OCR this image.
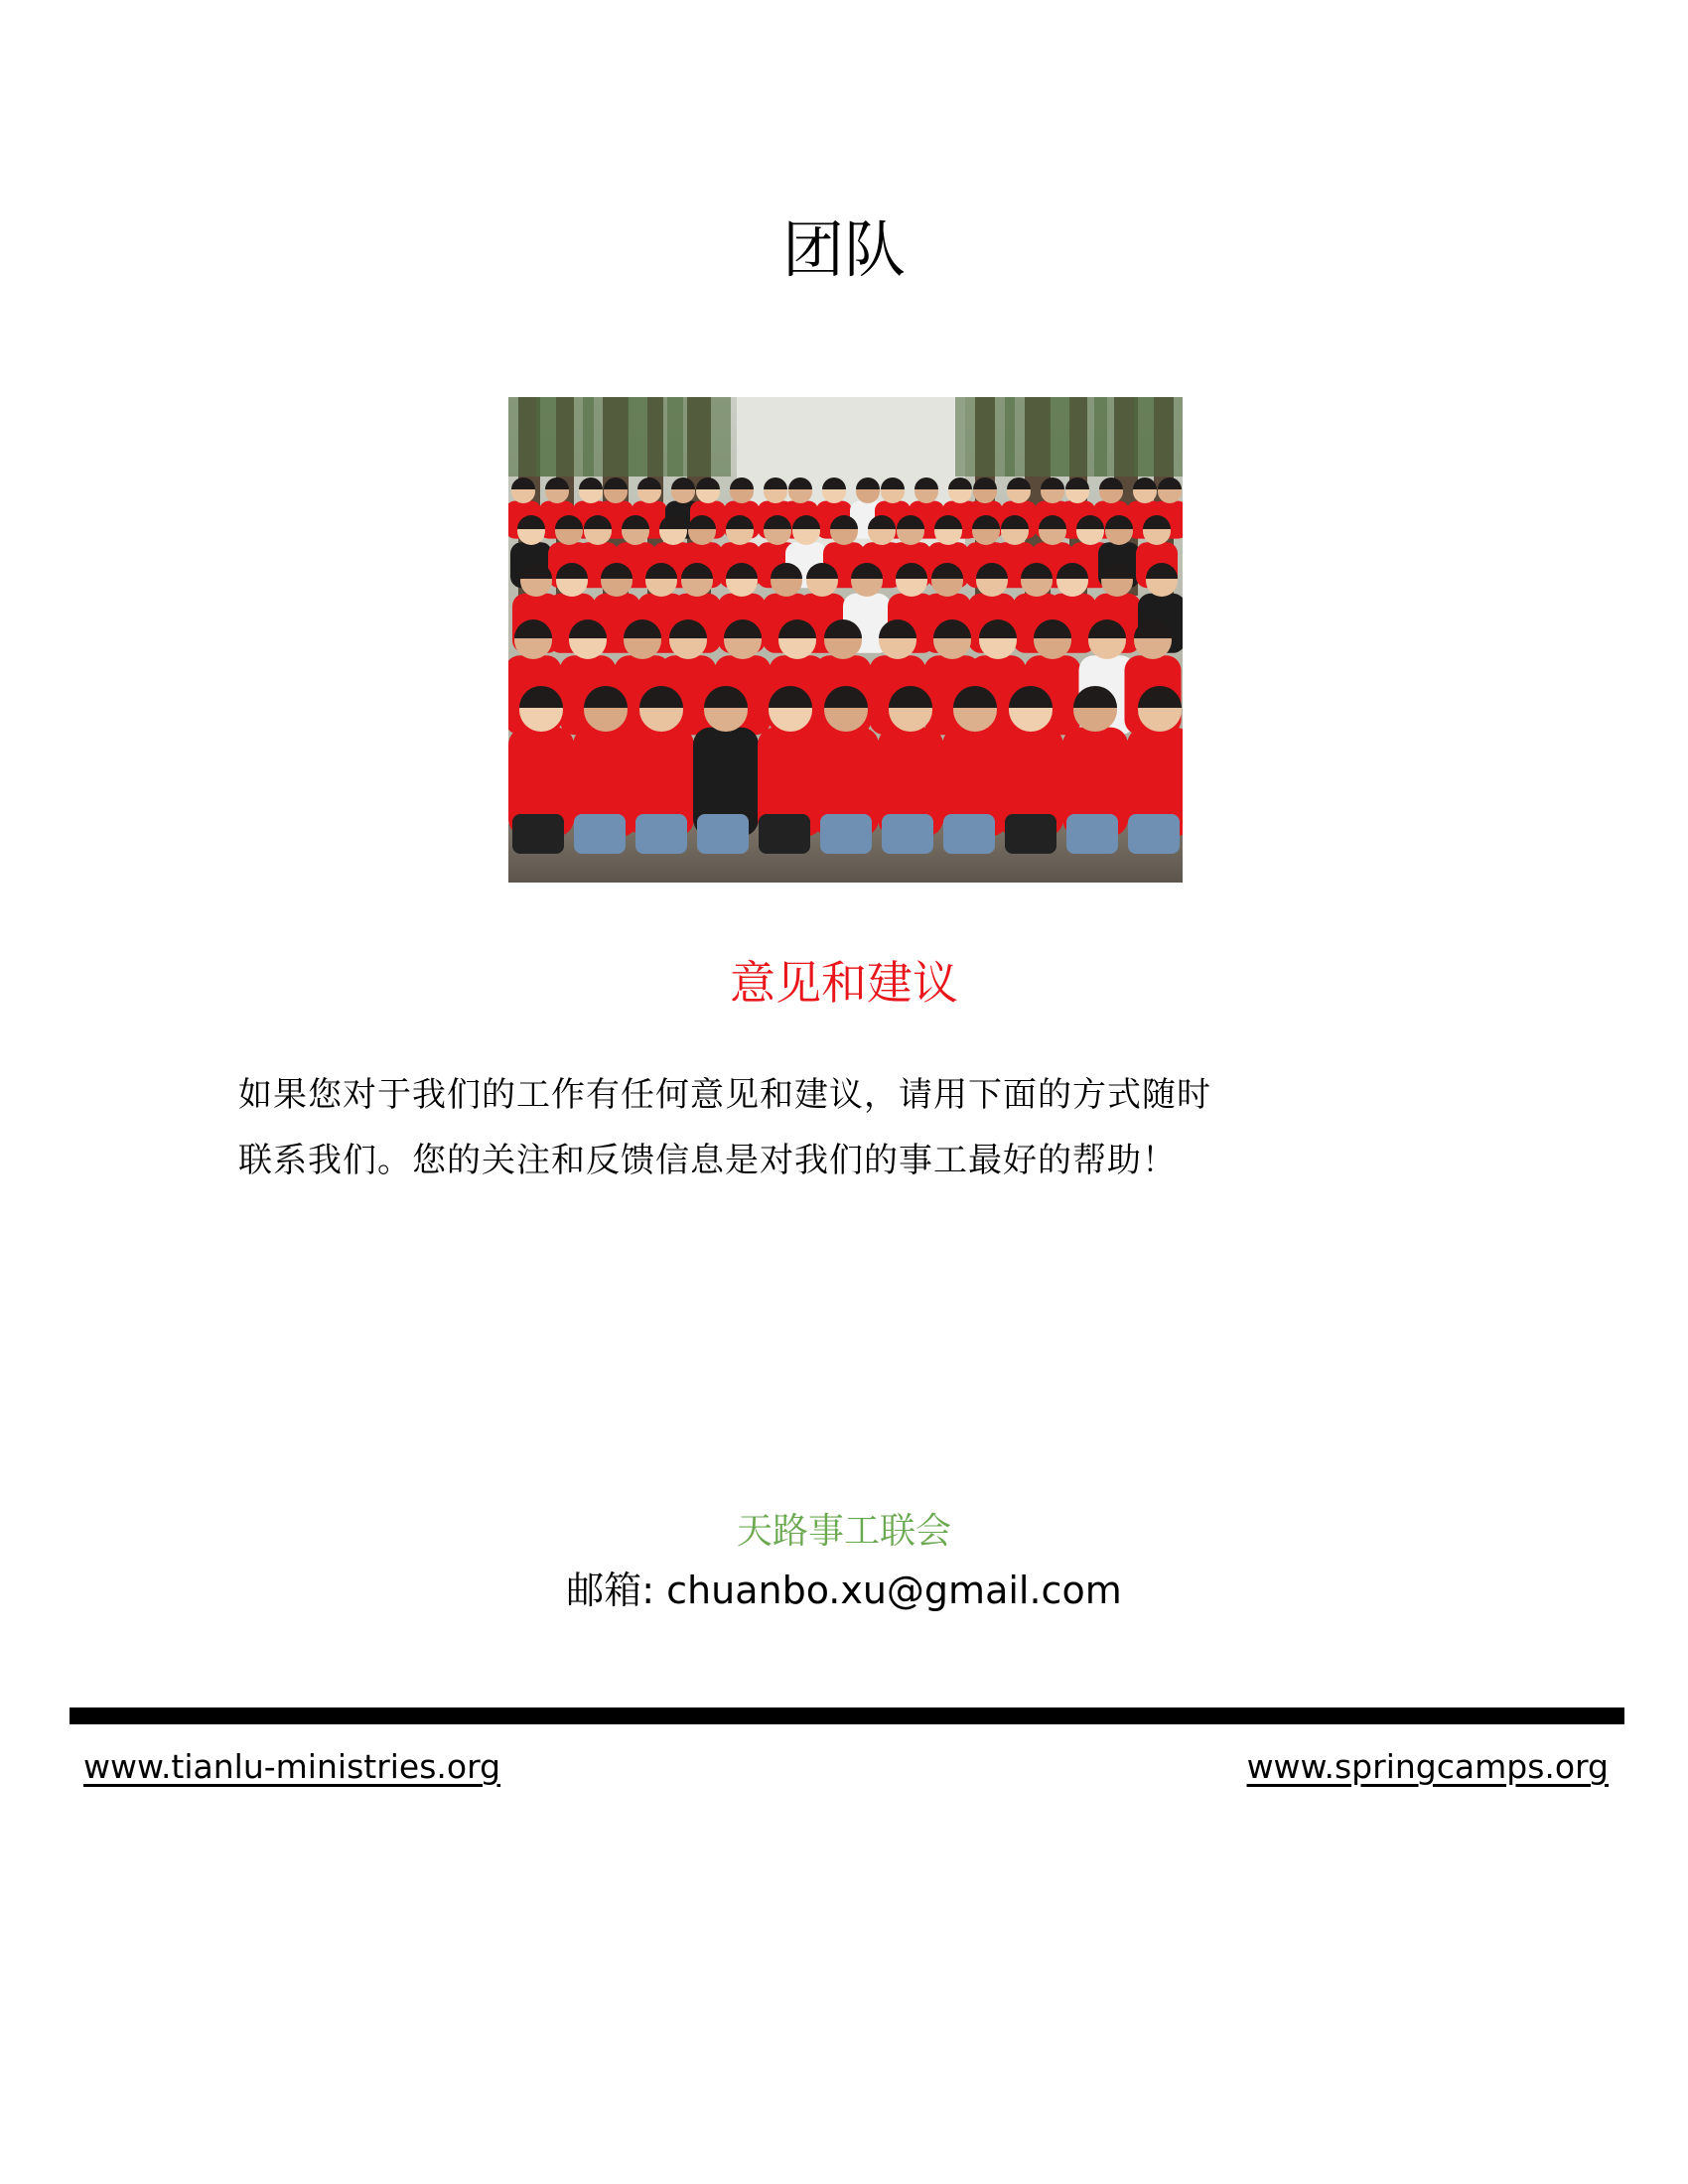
团队
意见和建议

如果您对于我们的工作有任何意见和建议，请用下面的方式随时
联系我们。您的关注和反馈信息是对我们的事工最好的帮助！

天路事工联会
邮箱: chuanbo.xu@gmail.com
www.tianlu-ministries.org	www.springcamps.org
